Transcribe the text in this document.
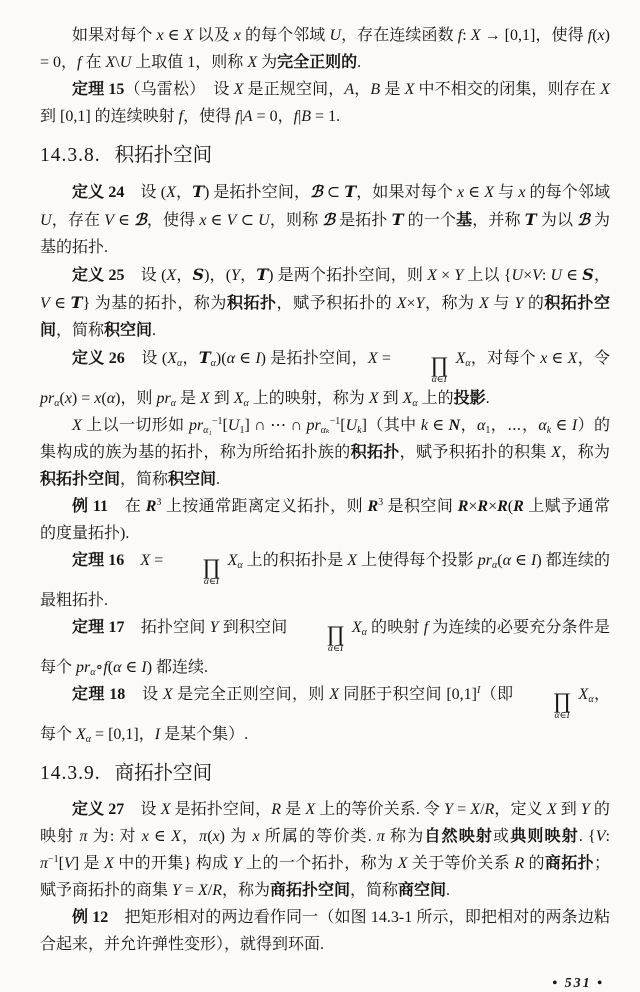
如果对每个 x ∈ X 以及 x 的每个邻域 U，存在连续函数 f: X → [0,1]，使得 f(x) = 0，f 在 X\U 上取值 1，则称 X 为完全正则的.

定理 15（乌雷松）　设 X 是正规空间，A，B 是 X 中不相交的闭集，则存在 X 到 [0,1] 的连续映射 f，使得 f|A = 0，f|B = 1.

14.3.8. 积拓扑空间

定义 24　设 (X，T) 是拓扑空间，ℬ ⊂ T，如果对每个 x ∈ X 与 x 的每个邻域 U，存在 V ∈ ℬ，使得 x ∈ V ⊂ U，则称 ℬ 是拓扑 T 的一个基，并称 T 为以 ℬ 为基的拓扑.

定义 25　设 (X，S)，(Y，T) 是两个拓扑空间，则 X × Y 上以 {U×V: U ∈ S，V ∈ T} 为基的拓扑，称为积拓扑，赋予积拓扑的 X×Y，称为 X 与 Y 的积拓扑空间，简称积空间.

定义 26　设 ($X_\alpha$，$T_\alpha)(\alpha$ ∈ I) 是拓扑空间，X =	∏
α∈I
$X_\alpha$，对每个 x ∈ X，令 $pr_\alpha(x) = x(\alpha)$，则 $pr_\alpha$ 是 X 到 $X_\alpha$ 上的映射，称为 X 到 $X_\alpha$ 上的投影.

X 上以一切形如 $pr_{\alpha_1}^{-1}[U_1]$ ∩ ⋯ ∩ $pr_{\alpha_k}^{-1}[U_k]$（其中 k ∈ N，$\alpha_1$，⋯，$\alpha_k$ ∈ I）的集构成的族为基的拓扑，称为所给拓扑族的积拓扑，赋予积拓扑的积集 X，称为积拓扑空间，简称积空间.

例 11　在 $R^3$ 上按通常距离定义拓扑，则 $R^3$ 是积空间 R×R×R(R 上赋予通常的度量拓扑).

定理 16　 X =	∏
α∈I
$X_\alpha$ 上的积拓扑是 X 上使得每个投影 $pr_\alpha(\alpha$ ∈ I) 都连续的最粗拓扑.

定理 17　拓扑空间 Y 到积空间	∏
α∈I
$X_\alpha$ 的映射 f 为连续的必要充分条件是每个 $pr_\alpha\circ f(\alpha$ ∈ I) 都连续.

定理 18　设 X 是完全正则空间，则 X 同胚于积空间 $[0,1]^I$（即	∏
α∈I
$X_\alpha$，每个 $X_\alpha = [0,1]$，I 是某个集）.

14.3.9. 商拓扑空间

定义 27　设 X 是拓扑空间，R 是 X 上的等价关系. 令 Y = X/R，定义 X 到 Y 的映射 π 为: 对 x ∈ X，π(x) 为 x 所属的等价类. π 称为自然映射或典则映射. {V: $\pi^{-1}[V]$ 是 X 中的开集} 构成 Y 上的一个拓扑，称为 X 关于等价关系 R 的商拓扑；赋予商拓扑的商集 Y = X/R，称为商拓扑空间，简称商空间.

例 12　把矩形相对的两边看作同一（如图 14.3-1 所示，即把相对的两条边粘合起来，并允许弹性变形），就得到环面.

• 531 •
